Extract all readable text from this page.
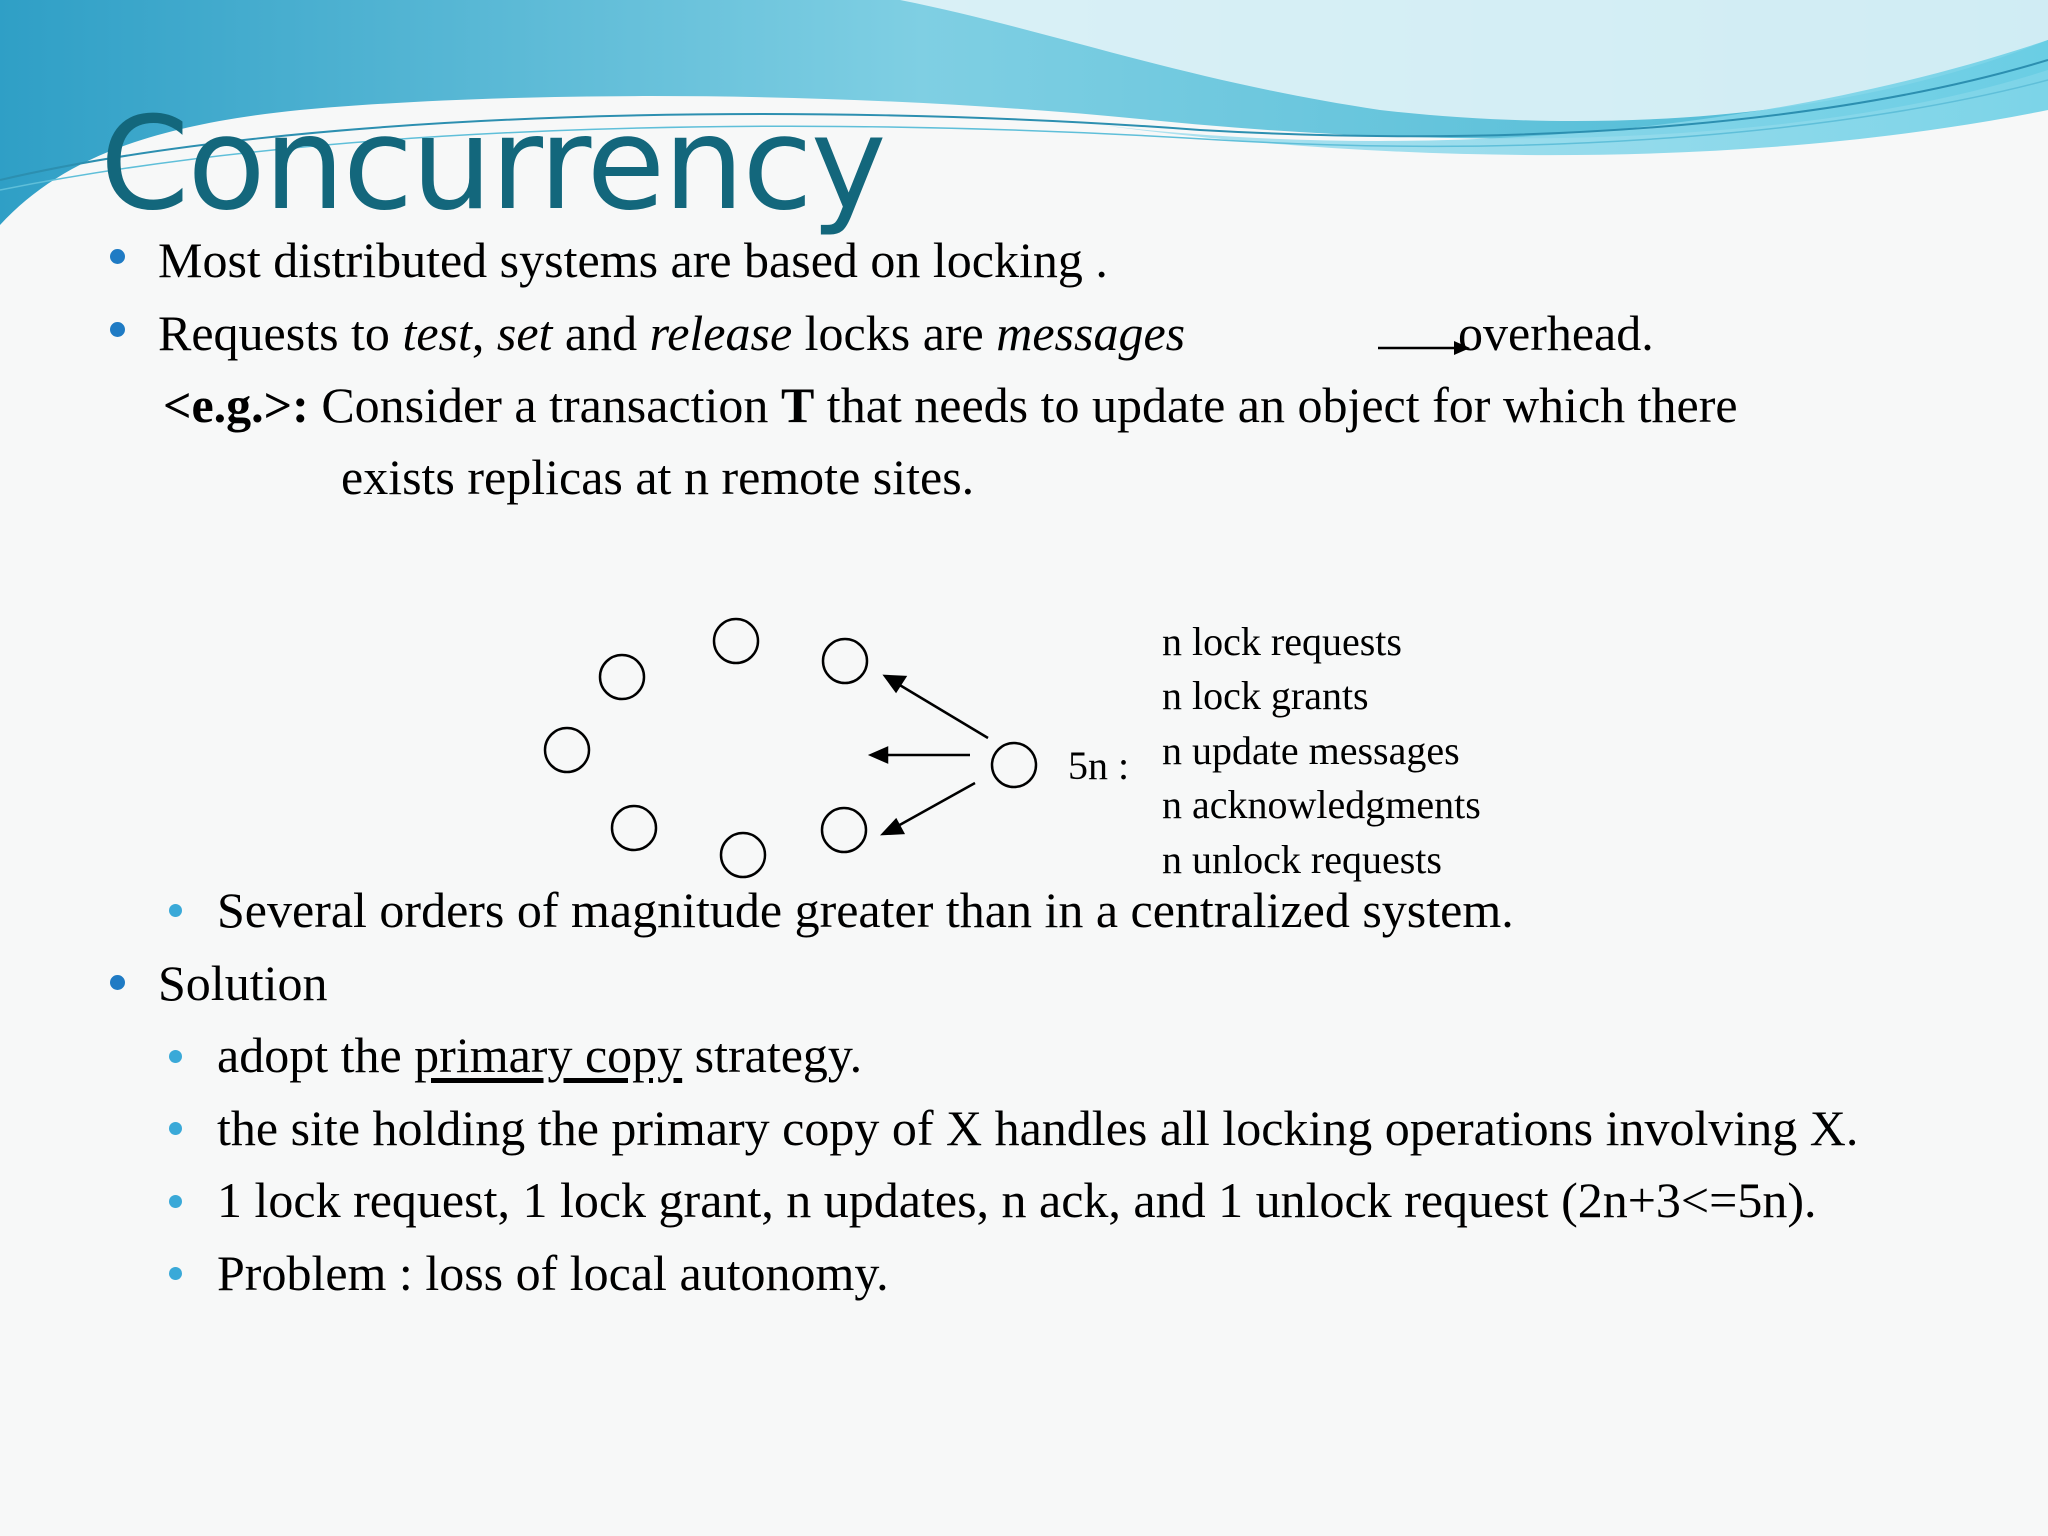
Concurrency
Most distributed systems are based on locking .
Requests to test, set and release locks are messages	overhead.
<e.g.>: Consider a transaction T that needs to update an object for which there
exists replicas at n remote sites.
5n :
n lock requests
n lock grants
n update messages
n acknowledgments
n unlock requests
Several orders of magnitude greater than in a centralized system.
Solution
adopt the primary copy strategy.
the site holding the primary copy of X handles all locking operations involving X.
1 lock request, 1 lock grant, n updates, n ack, and 1 unlock request (2n+3<=5n).
Problem : loss of local autonomy.
